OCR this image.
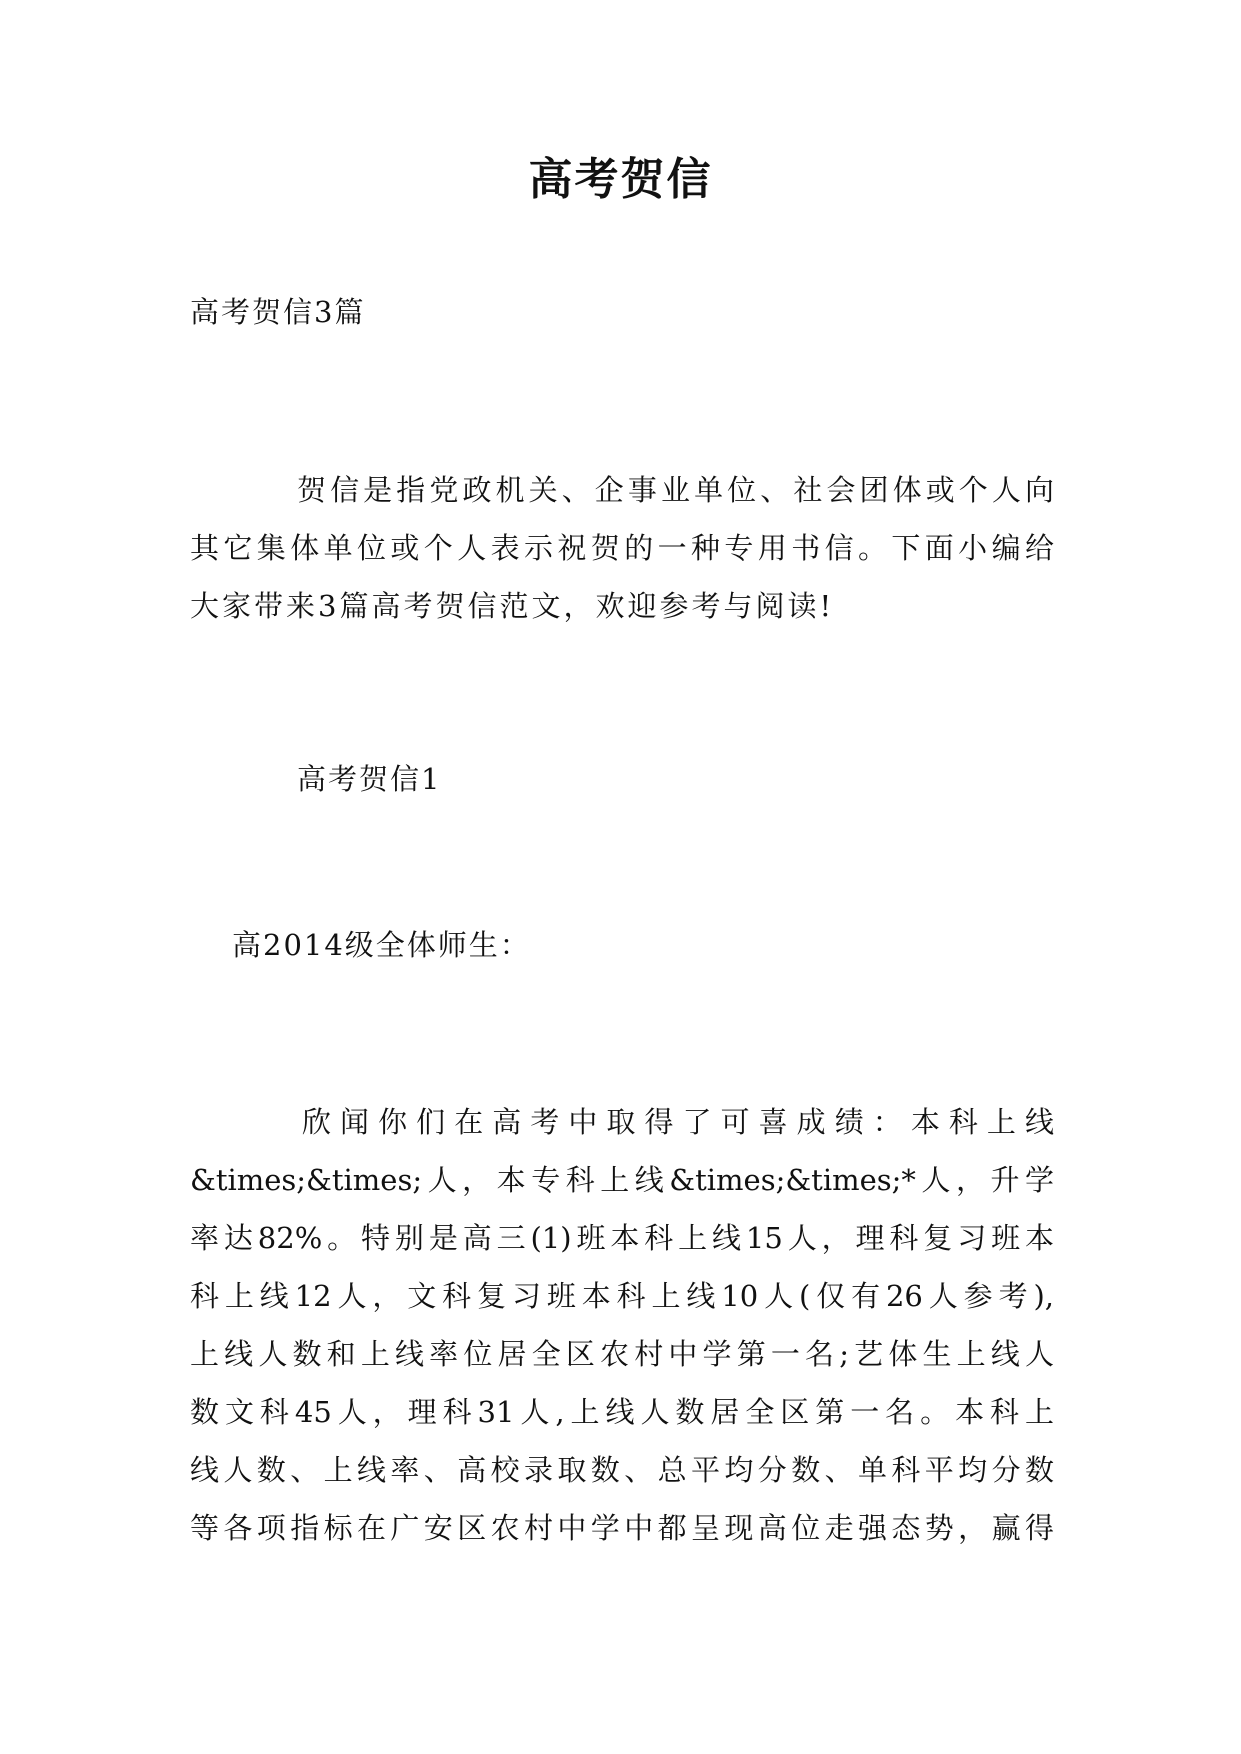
高考贺信
高考贺信3篇
贺信是指党政机关、企事业单位、社会团体或个人向
其它集体单位或个人表示祝贺的一种专用书信。下面小编给
大家带来3篇高考贺信范文，欢迎参考与阅读!
高考贺信1
高2014级全体师生：
欣闻你们在高考中取得了可喜成绩：本科上线
&times;&times;人，本专科上线&times;&times;*人，升学
率达82%。特别是高三(1)班本科上线15人，理科复习班本
科上线12人，文科复习班本科上线10人(仅有26人参考),
上线人数和上线率位居全区农村中学第一名;艺体生上线人
数文科45人，理科31人,上线人数居全区第一名。本科上
线人数、上线率、高校录取数、总平均分数、单科平均分数
等各项指标在广安区农村中学中都呈现高位走强态势，赢得
